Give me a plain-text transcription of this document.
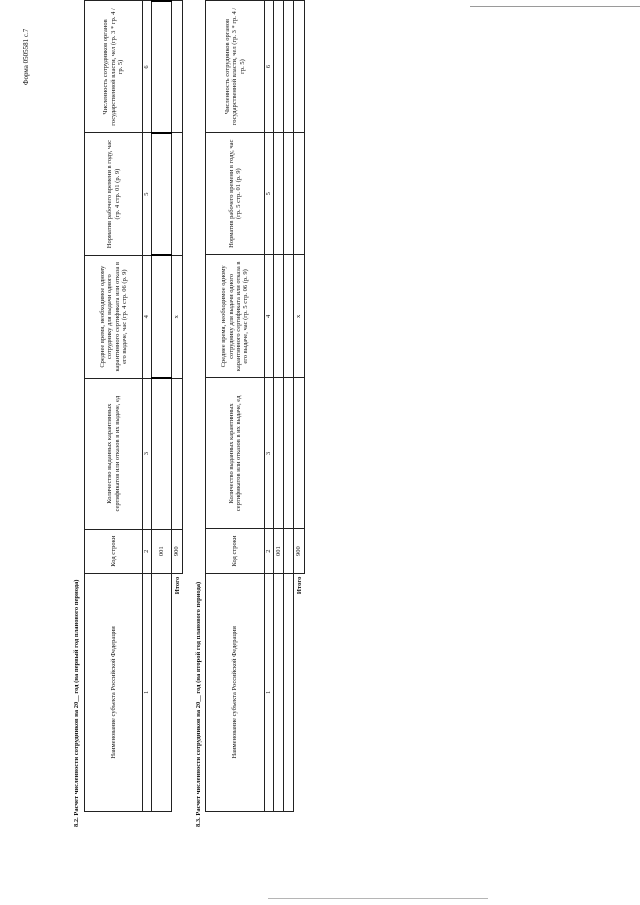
Форма 0505581 с.7
8.2. Расчет численности сотрудников на 20__ год (на первый год планового периода)	Наименование субъекта Российской Федерации	Код строки	Количество выданных карантинных сертификатов или отказов в их выдаче, ед	Среднее время, необходимое одному сотруднику для выдачи одного карантинного сертификата или отказа в его выдаче, час (гр. 4 стр. 06 (р. 9)	Норматив рабочего времени в году, час (гр. 4 стр. 01 (р. 9)	Численность сотрудников органов государственной власти, чел (гр. 3 * гр. 4 / гр. 5)
1	2	3	4	5	6
	001				
Итого	900		x		
8.3. Расчет численности сотрудников на 20__ год (на второй год планового периода)	Наименование субъекта Российской Федерации	Код строки	Количество выданных карантинных сертификатов или отказов в их выдаче, ед	Среднее время, необходимое одному сотруднику для выдачи одного карантинного сертификата или отказа в его выдаче, час (гр. 5 стр. 06 (р. 9)	Норматив рабочего времени в году, час (гр. 5 стр. 01 (р. 9)	Численность сотрудников органов государственной власти, чел (гр. 3 * гр. 4 / гр. 5)
1	2	3	4	5	6
	001				

Итого	900		x		
